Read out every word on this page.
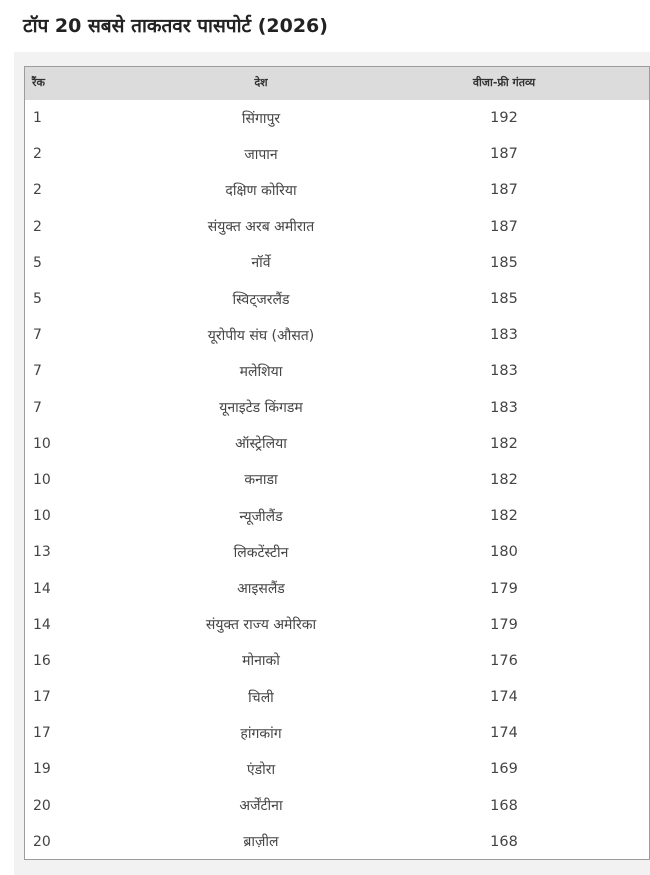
टॉप 20 सबसे ताकतवर पासपोर्ट (2026)
रैंक	देश	वीजा-फ्री गंतव्य
1	सिंगापुर	192
2	जापान	187
2	दक्षिण कोरिया	187
2	संयुक्त अरब अमीरात	187
5	नॉर्वे	185
5	स्विट्जरलैंड	185
7	यूरोपीय संघ (औसत)	183
7	मलेशिया	183
7	यूनाइटेड किंगडम	183
10	ऑस्ट्रेलिया	182
10	कनाडा	182
10	न्यूजीलैंड	182
13	लिकटेंस्टीन	180
14	आइसलैंड	179
14	संयुक्त राज्य अमेरिका	179
16	मोनाको	176
17	चिली	174
17	हांगकांग	174
19	एंडोरा	169
20	अर्जेंटीना	168
20	ब्राज़ील	168
